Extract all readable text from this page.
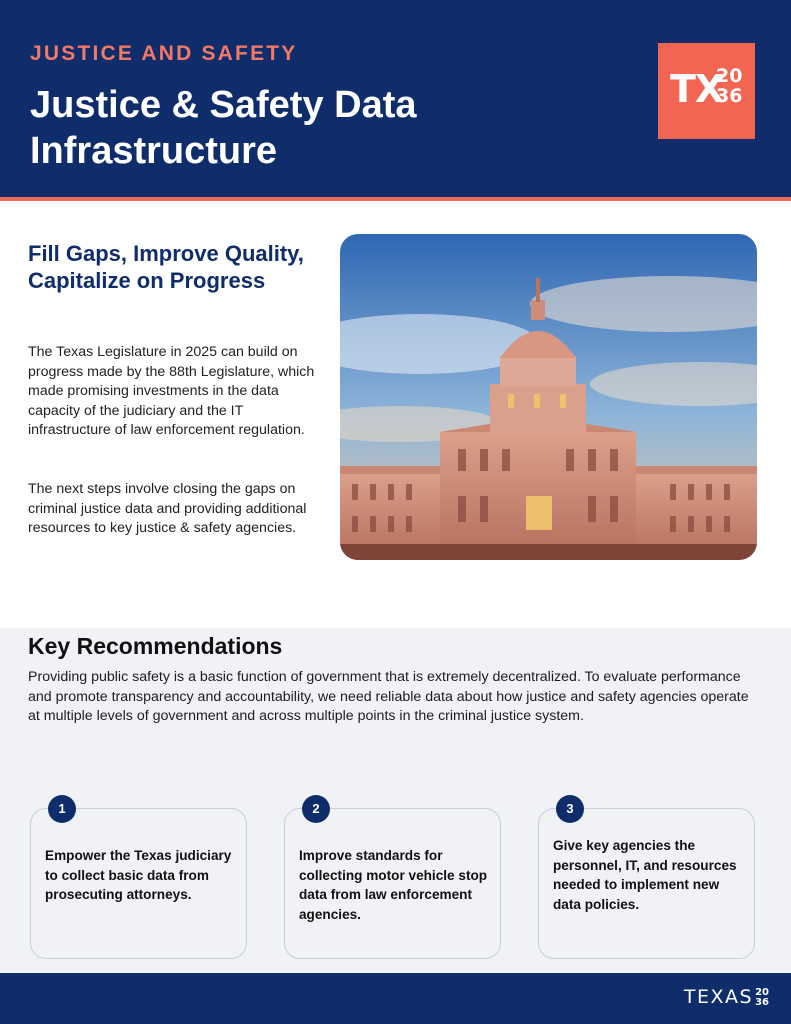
JUSTICE AND SAFETY
Justice & Safety Data Infrastructure
TX
20
36
Fill Gaps, Improve Quality, Capitalize on Progress

The Texas Legislature in 2025 can build on progress made by the 88th Legislature, which made promising investments in the data capacity of the judiciary and the IT infrastructure of law enforcement regulation.

The next steps involve closing the gaps on criminal justice data and providing additional resources to key justice & safety agencies.

Key Recommendations

Providing public safety is a basic function of government that is extremely decentralized. To evaluate performance and promote transparency and accountability, we need reliable data about how justice and safety agencies operate at multiple levels of government and across multiple points in the criminal justice system.

Empower the Texas judiciary to collect basic data from prosecuting attorneys.

1

Improve standards for collecting motor vehicle stop data from law enforcement agencies.

2

Give key agencies the personnel, IT, and resources needed to implement new data policies.

3
TEXAS 20
36
